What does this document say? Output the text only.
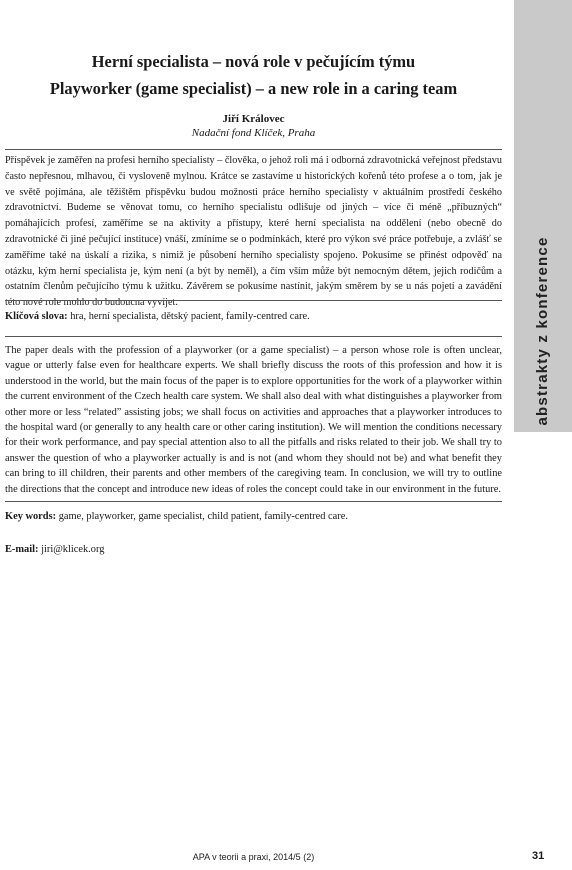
abstrakty z konference
Herní specialista – nová role v pečujícím týmu
Playworker (game specialist) – a new role in a caring team
Jiří Královec
Nadační fond Klíček, Praha

Příspěvek je zaměřen na profesi herního specialisty – člověka, o jehož roli má i odborná zdravotnická veřejnost představu často nepřesnou, mlhavou, či vysloveně mylnou. Krátce se zastavíme u historických kořenů této profese a o tom, jak je ve světě pojímána, ale těžištěm příspěvku budou možnosti práce herního specialisty v aktuálním prostředí českého zdravotnictví. Budeme se věnovat tomu, co herního specialistu odlišuje od jiných – více či méně „příbuzných“ pomáhajících profesí, zaměříme se na aktivity a přístupy, které herní specialista na oddělení (nebo obecně do zdravotnické či jiné pečující instituce) vnáší, zmíníme se o podmínkách, které pro výkon své práce potřebuje, a zvlášť se zaměříme také na úskalí a rizika, s nimiž je působení herního specialisty spojeno. Pokusíme se přinést odpověď na otázku, kým herní specialista je, kým není (a být by neměl), a čím vším může být nemocným dětem, jejich rodičům a ostatním členům pečujícího týmu k užitku. Závěrem se pokusíme nastínit, jakým směrem by se u nás pojetí a zavádění této nové role mohlo do budoucna vyvíjet.

Klíčová slova: hra, herní specialista, dětský pacient, family-centred care.

The paper deals with the profession of a playworker (or a game specialist) – a person whose role is often unclear, vague or utterly false even for healthcare experts. We shall briefly discuss the roots of this profession and how it is understood in the world, but the main focus of the paper is to explore opportunities for the work of a playworker within the current environment of the Czech health care system. We shall also deal with what distinguishes a playworker from other more or less “related” assisting jobs; we shall focus on activities and approaches that a playworker introduces to the hospital ward (or generally to any health care or other caring institution). We will mention the conditions necessary for their work performance, and pay special attention also to all the pitfalls and risks related to their job. We shall try to answer the question of who a playworker actually is and is not (and whom they should not be) and what benefit they can bring to ill children, their parents and other members of the caregiving team. In conclusion, we will try to outline the directions that the concept and introduce new ideas of roles the concept could take in our environment in the future.

Key words: game, playworker, game specialist, child patient, family-centred care.

E-mail: jiri@klicek.org

APA v teorii a praxi, 2014/5 (2)	31
